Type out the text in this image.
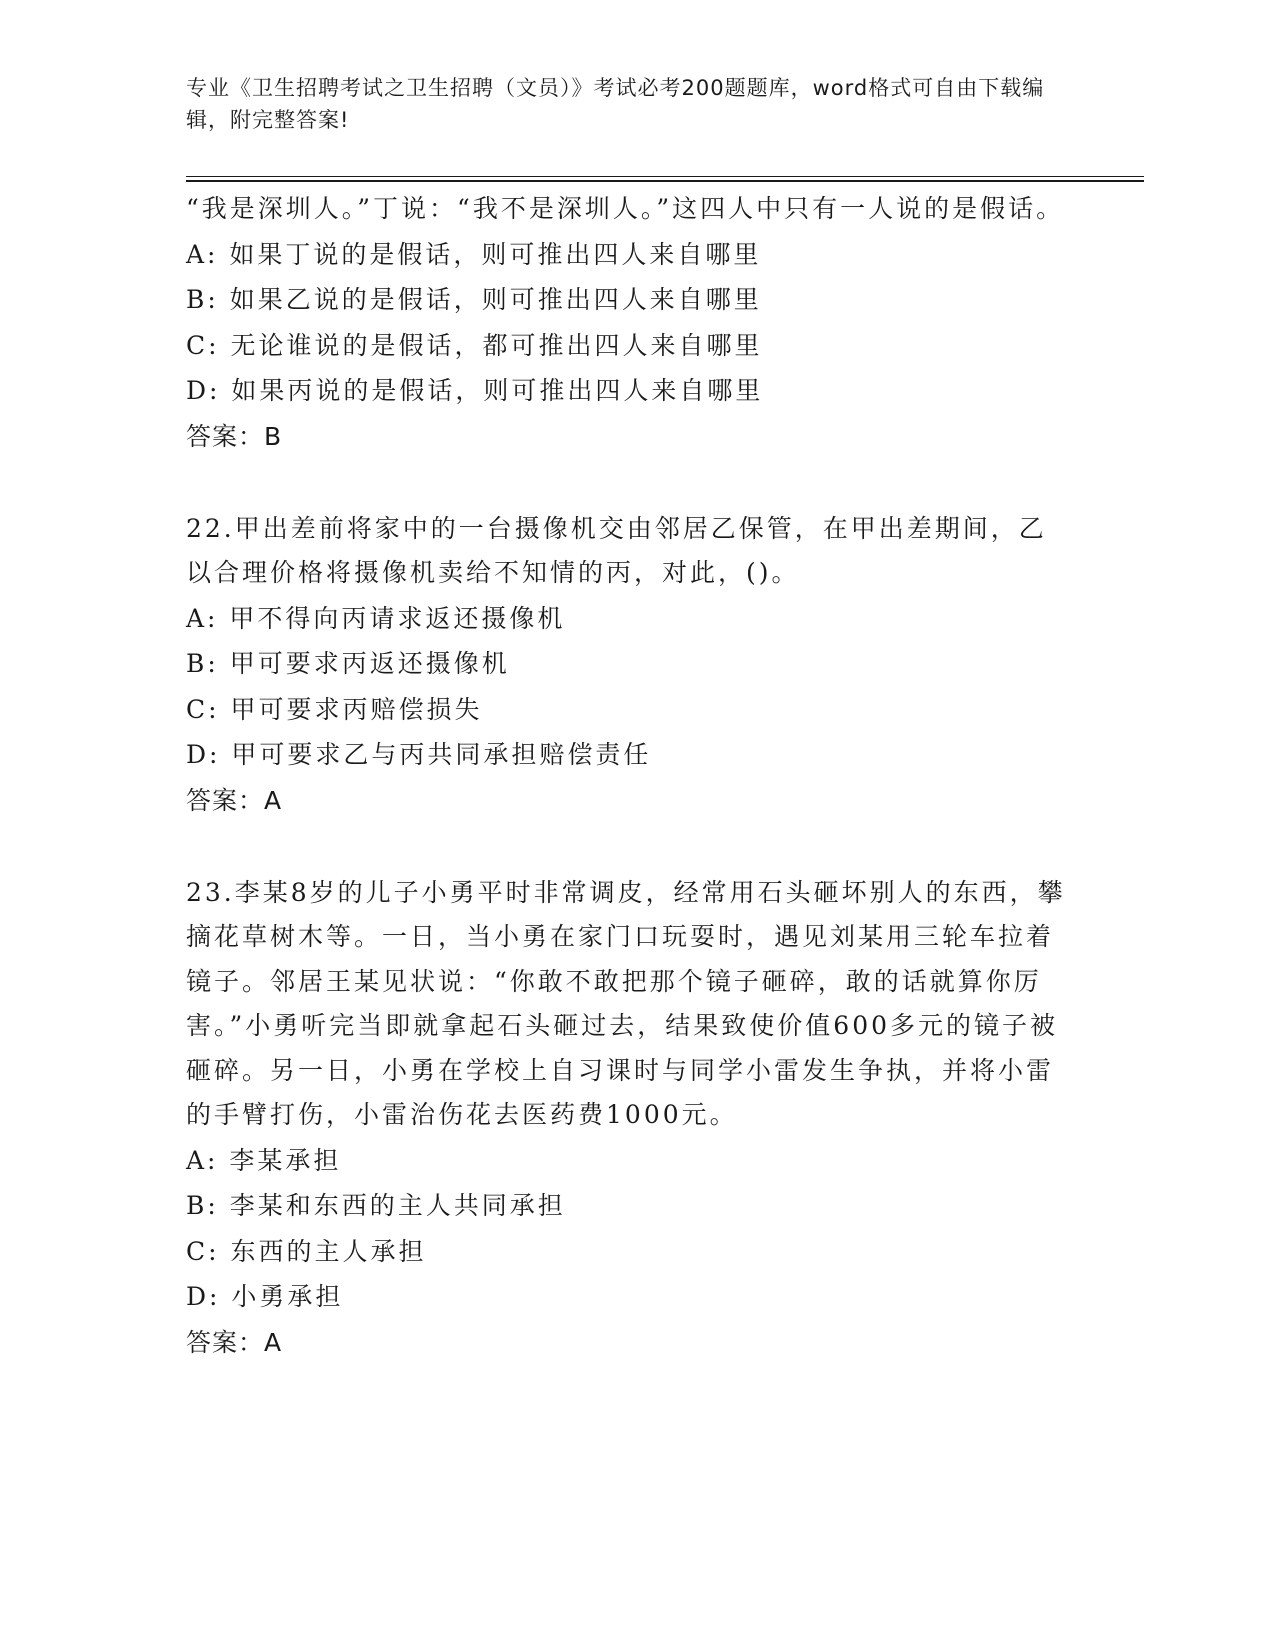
专业《卫生招聘考试之卫生招聘（文员）》考试必考200题题库，word格式可自由下载编辑，附完整答案!

“我是深圳人。”丁说：“我不是深圳人。”这四人中只有一人说的是假话。

A: 如果丁说的是假话，则可推出四人来自哪里

B: 如果乙说的是假话，则可推出四人来自哪里

C: 无论谁说的是假话，都可推出四人来自哪里

D: 如果丙说的是假话，则可推出四人来自哪里

答案：B

22.甲出差前将家中的一台摄像机交由邻居乙保管，在甲出差期间，乙以合理价格将摄像机卖给不知情的丙，对此，()。

A: 甲不得向丙请求返还摄像机

B: 甲可要求丙返还摄像机

C: 甲可要求丙赔偿损失

D: 甲可要求乙与丙共同承担赔偿责任

答案：A

23.李某8岁的儿子小勇平时非常调皮，经常用石头砸坏别人的东西，攀摘花草树木等。一日，当小勇在家门口玩耍时，遇见刘某用三轮车拉着镜子。邻居王某见状说：“你敢不敢把那个镜子砸碎，敢的话就算你厉害。”小勇听完当即就拿起石头砸过去，结果致使价值600多元的镜子被砸碎。另一日，小勇在学校上自习课时与同学小雷发生争执，并将小雷的手臂打伤，小雷治伤花去医药费1000元。

A: 李某承担

B: 李某和东西的主人共同承担

C: 东西的主人承担

D: 小勇承担

答案：A
